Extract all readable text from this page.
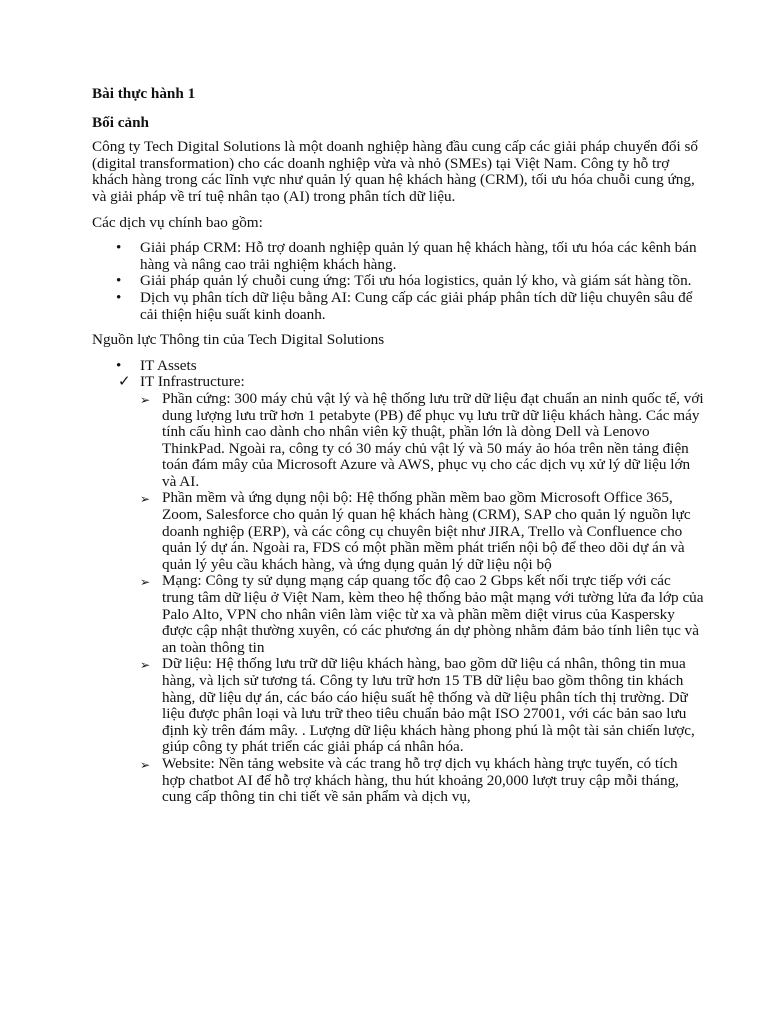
Bài thực hành 1
Bối cảnh

Công ty Tech Digital Solutions là một doanh nghiệp hàng đầu cung cấp các giải pháp chuyển đổi số (digital transformation) cho các doanh nghiệp vừa và nhỏ (SMEs) tại Việt Nam. Công ty hỗ trợ khách hàng trong các lĩnh vực như quản lý quan hệ khách hàng (CRM), tối ưu hóa chuỗi cung ứng, và giải pháp về trí tuệ nhân tạo (AI) trong phân tích dữ liệu.

Các dịch vụ chính bao gồm:

• Giải pháp CRM: Hỗ trợ doanh nghiệp quản lý quan hệ khách hàng, tối ưu hóa các kênh bán hàng và nâng cao trải nghiệm khách hàng.
• Giải pháp quản lý chuỗi cung ứng: Tối ưu hóa logistics, quản lý kho, và giám sát hàng tồn.
• Dịch vụ phân tích dữ liệu bằng AI: Cung cấp các giải pháp phân tích dữ liệu chuyên sâu để cải thiện hiệu suất kinh doanh.

Nguồn lực Thông tin của Tech Digital Solutions

• IT Assets
✓ IT Infrastructure:
➢ Phần cứng: 300 máy chủ vật lý và hệ thống lưu trữ dữ liệu đạt chuẩn an ninh quốc tế, với dung lượng lưu trữ hơn 1 petabyte (PB) để phục vụ lưu trữ dữ liệu khách hàng. Các máy tính cấu hình cao dành cho nhân viên kỹ thuật, phần lớn là dòng Dell và Lenovo ThinkPad. Ngoài ra, công ty có 30 máy chủ vật lý và 50 máy ảo hóa trên nền tảng điện toán đám mây của Microsoft Azure và AWS, phục vụ cho các dịch vụ xử lý dữ liệu lớn và AI.
➢ Phần mềm và ứng dụng nội bộ: Hệ thống phần mềm bao gồm Microsoft Office 365, Zoom, Salesforce cho quản lý quan hệ khách hàng (CRM), SAP cho quản lý nguồn lực doanh nghiệp (ERP), và các công cụ chuyên biệt như JIRA, Trello và Confluence cho quản lý dự án. Ngoài ra, FDS có một phần mềm phát triển nội bộ để theo dõi dự án và quản lý yêu cầu khách hàng, và ứng dụng quản lý dữ liệu nội bộ
➢ Mạng: Công ty sử dụng mạng cáp quang tốc độ cao 2 Gbps kết nối trực tiếp với các trung tâm dữ liệu ở Việt Nam, kèm theo hệ thống bảo mật mạng với tường lửa đa lớp của Palo Alto, VPN cho nhân viên làm việc từ xa và phần mềm diệt virus của Kaspersky được cập nhật thường xuyên, có các phương án dự phòng nhằm đảm bảo tính liên tục và an toàn thông tin
➢ Dữ liệu: Hệ thống lưu trữ dữ liệu khách hàng, bao gồm dữ liệu cá nhân, thông tin mua hàng, và lịch sử tương tá. Công ty lưu trữ hơn 15 TB dữ liệu bao gồm thông tin khách hàng, dữ liệu dự án, các báo cáo hiệu suất hệ thống và dữ liệu phân tích thị trường. Dữ liệu được phân loại và lưu trữ theo tiêu chuẩn bảo mật ISO 27001, với các bản sao lưu định kỳ trên đám mây. . Lượng dữ liệu khách hàng phong phú là một tài sản chiến lược, giúp công ty phát triển các giải pháp cá nhân hóa.
➢ Website: Nền tảng website và các trang hỗ trợ dịch vụ khách hàng trực tuyến, có tích hợp chatbot AI để hỗ trợ khách hàng, thu hút khoảng 20,000 lượt truy cập mỗi tháng, cung cấp thông tin chi tiết về sản phẩm và dịch vụ,
